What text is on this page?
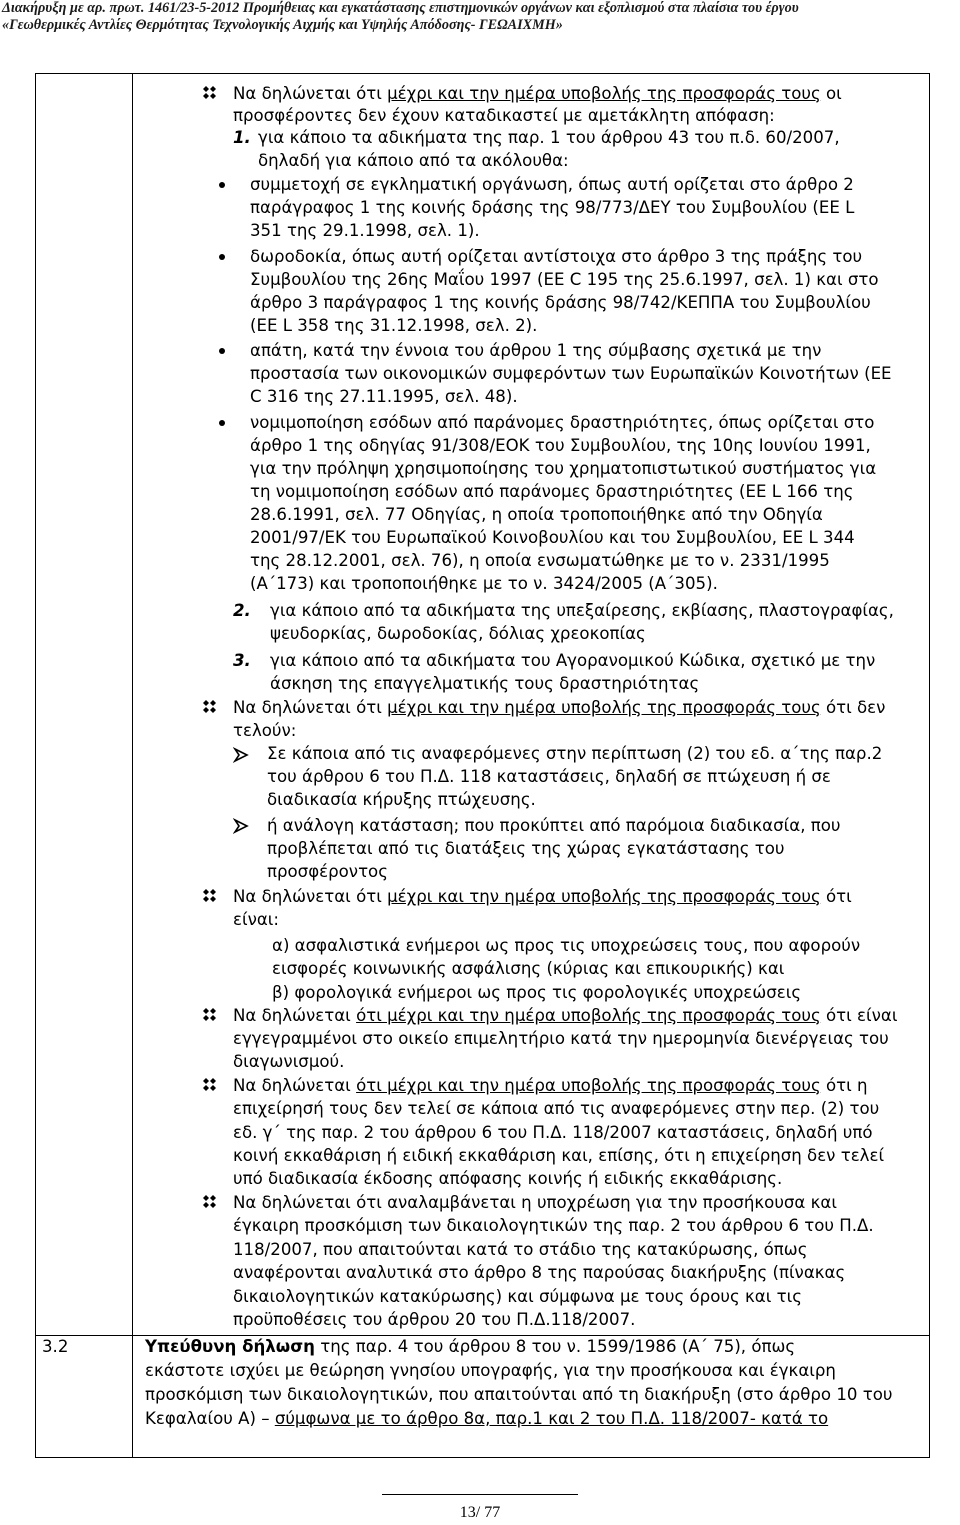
Διακήρυξη με αρ. πρωτ. 1461/23-5-2012 Προμήθειας και εγκατάστασης επιστημονικών οργάνων και εξοπλισμού στα πλαίσια του έργου
«Γεωθερμικές Αντλίες Θερμότητας Τεχνολογικής Αιχμής και Υψηλής Απόδοσης- ΓΕΩΑΙΧΜΗ»
Να δηλώνεται ότι μέχρι και την ημέρα υποβολής της προσφοράς τους οι
προσφέροντες δεν έχουν καταδικαστεί με αμετάκλητη απόφαση:
1. για κάποιο τα αδικήματα της παρ. 1 του άρθρου 43 του π.δ. 60/2007,
δηλαδή για κάποιο από τα ακόλουθα:
συμμετοχή σε εγκληματική οργάνωση, όπως αυτή ορίζεται στο άρθρο 2
παράγραφος 1 της κοινής δράσης της 98/773/ΔΕΥ του Συμβουλίου (ΕΕ L
351 της 29.1.1998, σελ. 1).
δωροδοκία, όπως αυτή ορίζεται αντίστοιχα στο άρθρο 3 της πράξης του
Συμβουλίου της 26ης Μαΐου 1997 (ΕΕ C 195 της 25.6.1997, σελ. 1) και στο
άρθρο 3 παράγραφος 1 της κοινής δράσης 98/742/ΚΕΠΠΑ του Συμβουλίου
(ΕΕ L 358 της 31.12.1998, σελ. 2).
απάτη, κατά την έννοια του άρθρου 1 της σύμβασης σχετικά με την
προστασία των οικονομικών συμφερόντων των Ευρωπαϊκών Κοινοτήτων (ΕΕ
C 316 της 27.11.1995, σελ. 48).
νομιμοποίηση εσόδων από παράνομες δραστηριότητες, όπως ορίζεται στο
άρθρο 1 της οδηγίας 91/308/ΕΟΚ του Συμβουλίου, της 10ης Ιουνίου 1991,
για την πρόληψη χρησιμοποίησης του χρηματοπιστωτικού συστήματος για
τη νομιμοποίηση εσόδων από παράνομες δραστηριότητες (ΕΕ L 166 της
28.6.1991, σελ. 77 Οδηγίας, η οποία τροποποιήθηκε από την Οδηγία
2001/97/ΕΚ του Ευρωπαϊκού Κοινοβουλίου και του Συμβουλίου, ΕΕ L 344
της 28.12.2001, σελ. 76), η οποία ενσωματώθηκε με το ν. 2331/1995
(Α΄173) και τροποποιήθηκε με το ν. 3424/2005 (Α΄305).
2. για κάποιο από τα αδικήματα της υπεξαίρεσης, εκβίασης, πλαστογραφίας,
ψευδορκίας, δωροδοκίας, δόλιας χρεοκοπίας
3. για κάποιο από τα αδικήματα του Αγορανομικού Κώδικα, σχετικό με την
άσκηση της επαγγελματικής τους δραστηριότητας
Να δηλώνεται ότι μέχρι και την ημέρα υποβολής της προσφοράς τους ότι δεν
τελούν:
Σε κάποια από τις αναφερόμενες στην περίπτωση (2) του εδ. α΄της παρ.2
του άρθρου 6 του Π.Δ. 118 καταστάσεις, δηλαδή σε πτώχευση ή σε
διαδικασία κήρυξης πτώχευσης.
ή ανάλογη κατάσταση; που προκύπτει από παρόμοια διαδικασία, που
προβλέπεται από τις διατάξεις της χώρας εγκατάστασης του
προσφέροντος
Να δηλώνεται ότι μέχρι και την ημέρα υποβολής της προσφοράς τους ότι
είναι:
α) ασφαλιστικά ενήμεροι ως προς τις υποχρεώσεις τους, που αφορούν
εισφορές κοινωνικής ασφάλισης (κύριας και επικουρικής) και
β) φορολογικά ενήμεροι ως προς τις φορολογικές υποχρεώσεις
Να δηλώνεται ότι μέχρι και την ημέρα υποβολής της προσφοράς τους ότι είναι
εγγεγραμμένοι στο οικείο επιμελητήριο κατά την ημερομηνία διενέργειας του
διαγωνισμού.
Να δηλώνεται ότι μέχρι και την ημέρα υποβολής της προσφοράς τους ότι η
επιχείρησή τους δεν τελεί σε κάποια από τις αναφερόμενες στην περ. (2) του
εδ. γ΄ της παρ. 2 του άρθρου 6 του Π.Δ. 118/2007 καταστάσεις, δηλαδή υπό
κοινή εκκαθάριση ή ειδική εκκαθάριση και, επίσης, ότι η επιχείρηση δεν τελεί
υπό διαδικασία έκδοσης απόφασης κοινής ή ειδικής εκκαθάρισης.
Να δηλώνεται ότι αναλαμβάνεται η υποχρέωση για την προσήκουσα και
έγκαιρη προσκόμιση των δικαιολογητικών της παρ. 2 του άρθρου 6 του Π.Δ.
118/2007, που απαιτούνται κατά το στάδιο της κατακύρωσης, όπως
αναφέρονται αναλυτικά στο άρθρο 8 της παρούσας διακήρυξης (πίνακας
δικαιολογητικών κατακύρωσης) και σύμφωνα με τους όρους και τις
προϋποθέσεις του άρθρου 20 του Π.Δ.118/2007.
3.2	Υπεύθυνη δήλωση της παρ. 4 του άρθρου 8 του ν. 1599/1986 (Α΄ 75), όπως
εκάστοτε ισχύει με θεώρηση γνησίου υπογραφής, για την προσήκουσα και έγκαιρη
προσκόμιση των δικαιολογητικών, που απαιτούνται από τη διακήρυξη (στο άρθρο 10 του
Κεφαλαίου Α) – σύμφωνα με το άρθρο 8α, παρ.1 και 2 του Π.Δ. 118/2007- κατά το
13/ 77
